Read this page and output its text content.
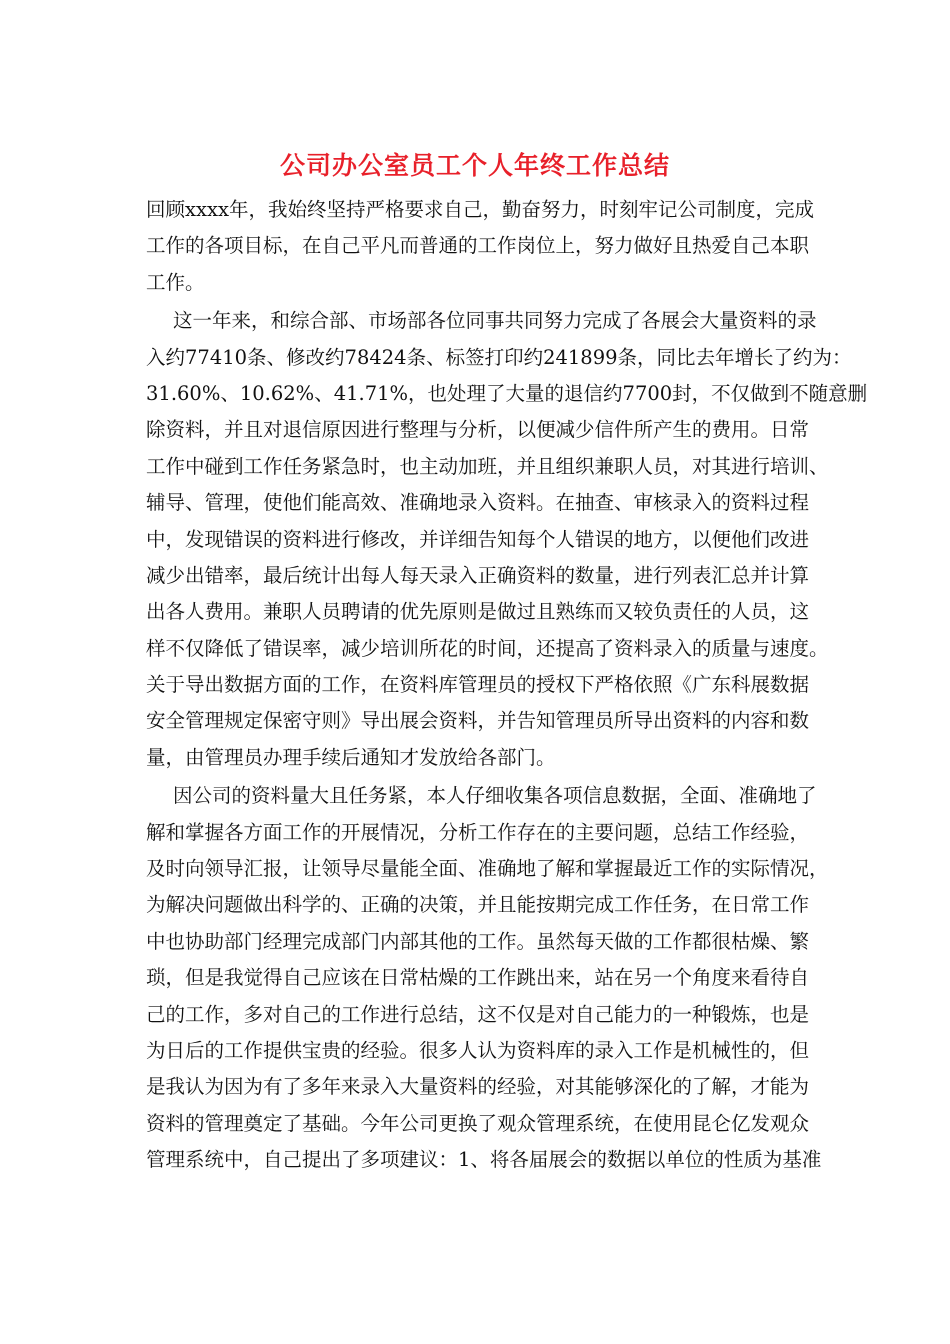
公司办公室员工个人年终工作总结

回顾xxxx年，我始终坚持严格要求自己，勤奋努力，时刻牢记公司制度，完成
工作的各项目标，在自己平凡而普通的工作岗位上，努力做好且热爱自己本职
工作。

这一年来，和综合部、市场部各位同事共同努力完成了各展会大量资料的录
入约77410条、修改约78424条、标签打印约241899条，同比去年增长了约为：
31.60%、10.62%、41.71%，也处理了大量的退信约7700封，不仅做到不随意删
除资料，并且对退信原因进行整理与分析，以便减少信件所产生的费用。日常
工作中碰到工作任务紧急时，也主动加班，并且组织兼职人员，对其进行培训、
辅导、管理，使他们能高效、准确地录入资料。在抽查、审核录入的资料过程
中，发现错误的资料进行修改，并详细告知每个人错误的地方，以便他们改进
减少出错率，最后统计出每人每天录入正确资料的数量，进行列表汇总并计算
出各人费用。兼职人员聘请的优先原则是做过且熟练而又较负责任的人员，这
样不仅降低了错误率，减少培训所花的时间，还提高了资料录入的质量与速度。
关于导出数据方面的工作，在资料库管理员的授权下严格依照《广东科展数据
安全管理规定保密守则》导出展会资料，并告知管理员所导出资料的内容和数
量，由管理员办理手续后通知才发放给各部门。

因公司的资料量大且任务紧，本人仔细收集各项信息数据，全面、准确地了
解和掌握各方面工作的开展情况，分析工作存在的主要问题，总结工作经验，
及时向领导汇报，让领导尽量能全面、准确地了解和掌握最近工作的实际情况，
为解决问题做出科学的、正确的决策，并且能按期完成工作任务，在日常工作
中也协助部门经理完成部门内部其他的工作。虽然每天做的工作都很枯燥、繁
琐，但是我觉得自己应该在日常枯燥的工作跳出来，站在另一个角度来看待自
己的工作，多对自己的工作进行总结，这不仅是对自己能力的一种锻炼，也是
为日后的工作提供宝贵的经验。很多人认为资料库的录入工作是机械性的，但
是我认为因为有了多年来录入大量资料的经验，对其能够深化的了解，才能为
资料的管理奠定了基础。今年公司更换了观众管理系统，在使用昆仑亿发观众
管理系统中，自己提出了多项建议：1、将各届展会的数据以单位的性质为基准
